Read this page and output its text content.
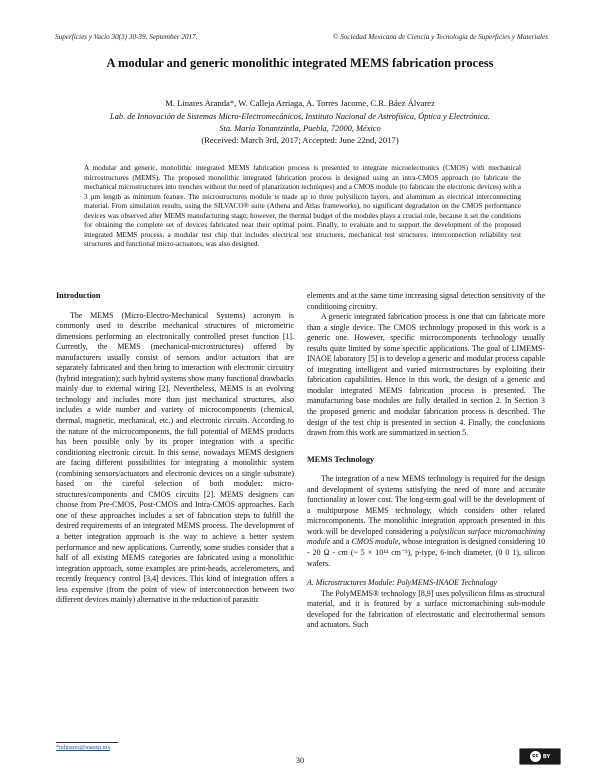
Superficies y Vacío 30(3) 30-39, September 2017.	© Sociedad Mexicana de Ciencia y Tecnología de Superficies y Materiales
A modular and generic monolithic integrated MEMS fabrication process
M. Linares Aranda*, W. Calleja Arriaga, A. Torres Jacome, C.R. Báez Álvarez
Lab. de Innovación de Sistemas Micro-Electromecánicos, Instituto Nacional de Astrofísica, Óptica y Electrónica.
Sta. María Tonantzintla, Puebla, 72000, México
(Received: March 3rd, 2017; Accepted: June 22nd, 2017)
A modular and generic, monolithic integrated MEMS fabrication process is presented to integrate microelectronics (CMOS) with mechanical microstructures (MEMS). The proposed monolithic integrated fabrication process is designed using an intra-CMOS approach (to fabricate the mechanical microstructures into trenches without the need of planarization techniques) and a CMOS module (to fabricate the electronic devices) with a 3 µm length as minimum feature. The microstructures module is made up to three polysilicon layers, and aluminum as electrical interconnecting material. From simulation results, using the SILVACO® suite (Athena and Atlas frameworks), no significant degradation on the CMOS performance devices was observed after MEMS manufacturing stage; however, the thermal budget of the modules plays a crucial role, because it set the conditions for obtaining the complete set of devices fabricated near their optimal point. Finally, to evaluate and to support the development of the proposed integrated MEMS process, a modular test chip that includes electrical test structures, mechanical test structures, interconnection reliability test structures and functional micro-actuators, was also designed.
Introduction

The MEMS (Micro-Electro-Mechanical Systems) acronym is commonly used to describe mechanical structures of micrometric dimensions performing an electronically controlled preset function [1]. Currently, the MEMS (mechanical-microstructures) offered by manufacturers usually consist of sensors and/or actuators that are separately fabricated and then bring to interaction with electronic circuitry (hybrid integration); such hybrid systems show many functional drawbacks mainly due to external wiring [2]. Nevertheless, MEMS is an evolving technology and includes more than just mechanical structures, also includes a wide number and variety of microcomponents (chemical, thermal, magnetic, mechanical, etc.) and electronic circuits. According to the nature of the microcomponents, the full potential of MEMS products has been possible only by its proper integration with a specific conditioning electronic circuit. In this sense, nowadays MEMS designers are facing different possibilities for integrating a monolithic system (combining sensors/actuators and electronic devices on a single substrate) based on the careful selection of both modules: micro-structures/components and CMOS circuits [2]. MEMS designers can choose from Pre-CMOS, Post-CMOS and Intra-CMOS approaches. Each one of these approaches includes a set of fabrication steps to fulfill the desired requirements of an integrated MEMS process. The development of a better integration approach is the way to achieve a better system performance and new applications. Currently, some studies consider that a half of all existing MEMS categories are fabricated using a monolithic integration approach, some examples are print-heads, accelerometers, and recently frequency control [3,4] devices. This kind of integration offers a less expensive (from the point of view of interconnection between two different devices mainly) alternative in the reduction of parasitic

elements and at the same time increasing signal detection sensitivity of the conditioning circuitry.

A generic integrated fabrication process is one that can fabricate more than a single device. The CMOS technology proposed in this work is a generic one. However, specific microcomponents technology usually results quite limited by some specific applications. The goal of LIMEMS-INAOE laboratory [5] is to develop a generic and modular process capable of integrating intelligent and varied microstructures by exploiting their fabrication capabilities. Hence in this work, the design of a generic and modular integrated MEMS fabrication process is presented. The manufacturing base modules are fully detailed in section 2. In Section 3 the proposed generic and modular fabrication process is described. The design of the test chip is presented in section 4. Finally, the conclusions drawn from this work are summarized in section 5.

MEMS Technology

The integration of a new MEMS technology is required for the design and development of systems satisfying the need of more and accurate functionality at lower cost. The long-term goal will be the development of a multipurpose MEMS technology, which considers other related microcomponents. The monolithic integration approach presented in this work will be developed considering a polysilicon surface micromachining module and a CMOS module, whose integration is designed considering 10 - 20 Ω - cm (~ 5 × 10¹⁴ cm⁻³), p-type, 6-inch diameter, (0 0 1), silicon wafers.

A. Microstructures Module: PolyMEMS-INAOE Technology

The PolyMEMS® technology [8,9] uses polysilicon films as structural material, and it is featured by a surface micromachining sub-module developed for the fabrication of electrostatic and electrothermal sensors and actuators. Such

*mlinares@inaoep.mx
30	cc BY
